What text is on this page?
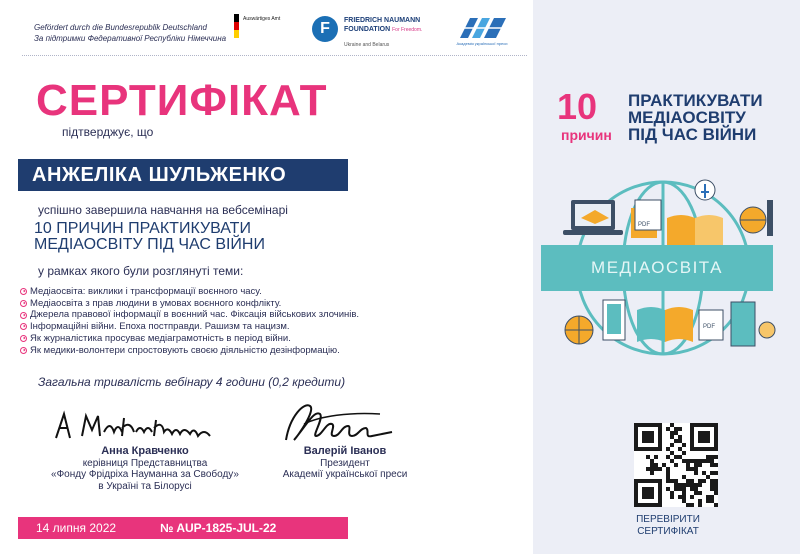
Gefördert durch die Bundesrepublik Deutschland
За підтримки Федеративної Республіки Німеччина
Auswärtiges Amt
F	FRIEDRICH NAUMANN
FOUNDATION For Freedom.
Ukraine and Belarus	Академія української преси
СЕРТИФІКАТ
підтверджує, що
АНЖЕЛІКА ШУЛЬЖЕНКО
успішно завершила навчання на вебсемінарі
10 ПРИЧИН ПРАКТИКУВАТИ
МЕДІАОСВІТУ ПІД ЧАС ВІЙНИ
у рамках якого були розглянуті теми:
Медіаосвіта: виклики і трансформації воєнного часу.
Медіаосвіта з прав людини в умовах воєнного конфлікту.
Джерела правової інформації в воєнний час. Фіксація військових злочинів.
Інформаційні війни. Епоха постправди. Рашизм та нацизм.
Як журналістика просуває медіаграмотність в період війни.
Як медики-волонтери спростовують своєю діяльністю дезінформацію.
Загальна тривалість вебінару 4 години (0,2 кредити)
Анна Кравченко
керівниця Представництва
«Фонду Фрідріха Науманна за Свободу»
в Україні та Білорусі
Валерій Іванов
Президент
Академії української преси
14 липня 2022	№ AUP-1825-JUL-22
10
причин
ПРАКТИКУВАТИ
МЕДІАОСВІТУ
ПІД ЧАС ВІЙНИ
PDF
PDF
МЕДІАОСВІТА
ПЕРЕВІРИТИ
СЕРТИФІКАТ
